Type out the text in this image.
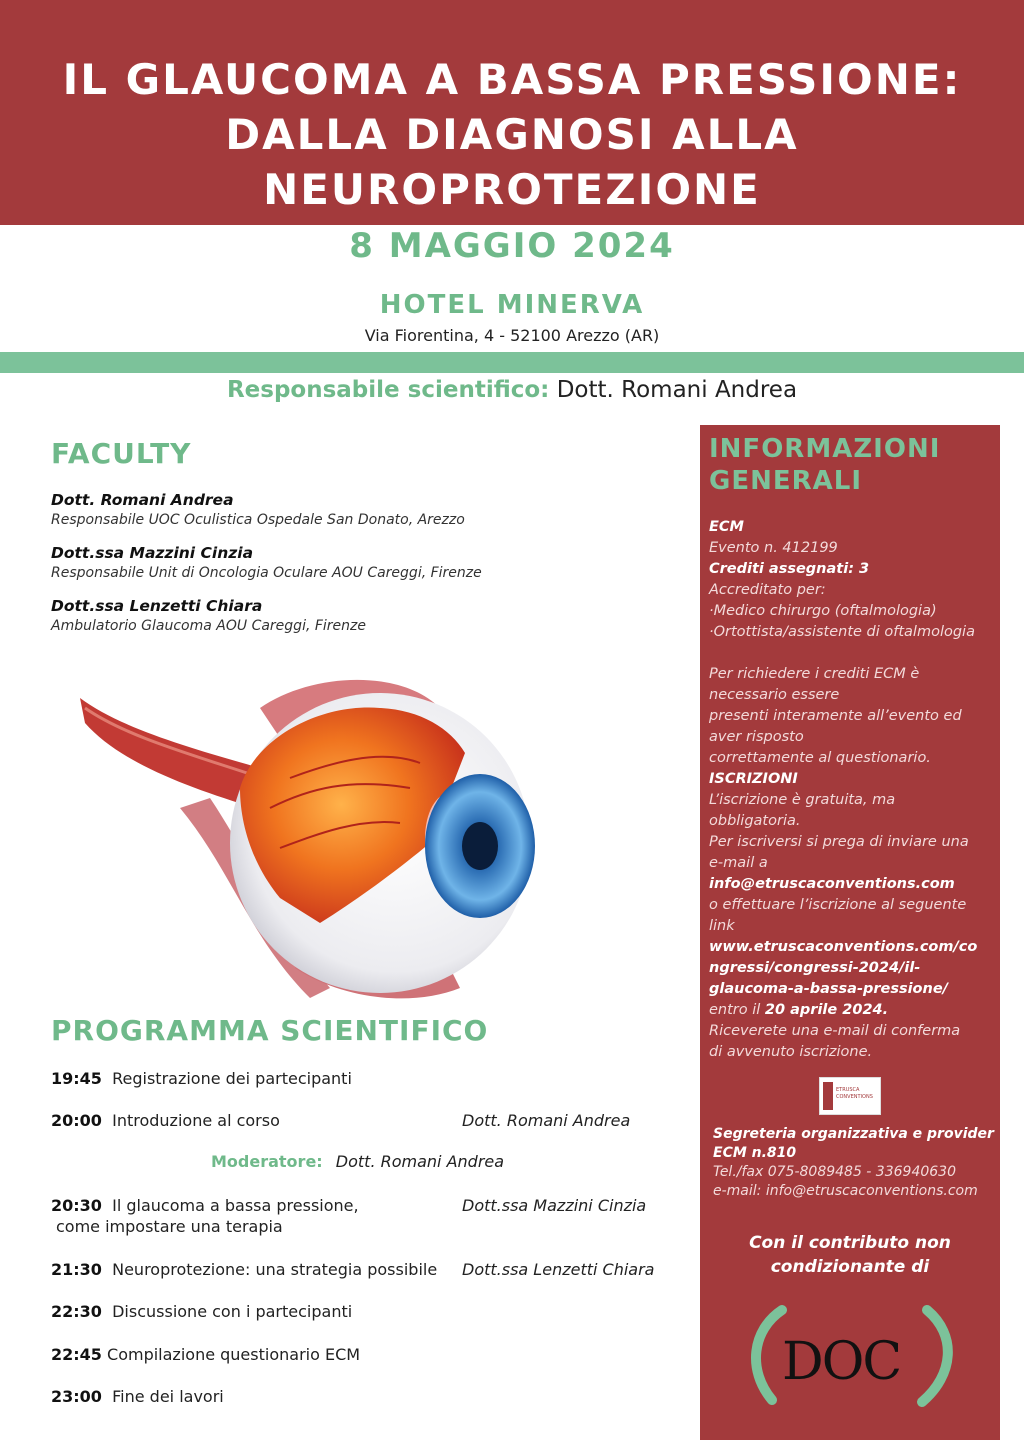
IL GLAUCOMA A BASSA PRESSIONE:
DALLA DIAGNOSI ALLA
NEUROPROTEZIONE
8 MAGGIO 2024
HOTEL MINERVA
Via Fiorentina, 4 - 52100 Arezzo (AR)
Responsabile scientifico: Dott. Romani Andrea
FACULTY
Dott. Romani Andrea
Responsabile UOC Oculistica Ospedale San Donato, Arezzo
Dott.ssa Mazzini Cinzia
Responsabile Unit di Oncologia Oculare AOU Careggi, Firenze
Dott.ssa Lenzetti Chiara
Ambulatorio Glaucoma AOU Careggi, Firenze
PROGRAMMA SCIENTIFICO
19:45 Registrazione dei partecipanti
20:00 Introduzione al corso	Dott. Romani Andrea
Moderatore: Dott. Romani Andrea
20:30 Il glaucoma a bassa pressione,
come impostare una terapia
Dott.ssa Mazzini Cinzia
21:30 Neuroprotezione: una strategia possibile Dott.ssa Lenzetti Chiara
22:30 Discussione con i partecipanti
22:45 Compilazione questionario ECM
23:00 Fine dei lavori
INFORMAZIONI
GENERALI
ECM
Evento n. 412199
Crediti assegnati: 3
Accreditato per:
·Medico chirurgo (oftalmologia)
·Ortottista/assistente di oftalmologia
Per richiedere i crediti ECM è
necessario essere
presenti interamente all’evento ed
aver risposto
correttamente al questionario.
ISCRIZIONI
L’iscrizione è gratuita, ma
obbligatoria.
Per iscriversi si prega di inviare una
e-mail a
info@etruscaconventions.com
o effettuare l’iscrizione al seguente
link
www.etruscaconventions.com/co
ngressi/congressi-2024/il-
glaucoma-a-bassa-pressione/
entro il 20 aprile 2024.
Riceverete una e-mail di conferma
di avvenuto iscrizione.
ETRUSCA CONVENTIONS
Segreteria organizzativa e provider
ECM n.810
Tel./fax 075-8089485 - 336940630
e-mail: info@etruscaconventions.com
Con il contributo non
condizionante di
DOC
